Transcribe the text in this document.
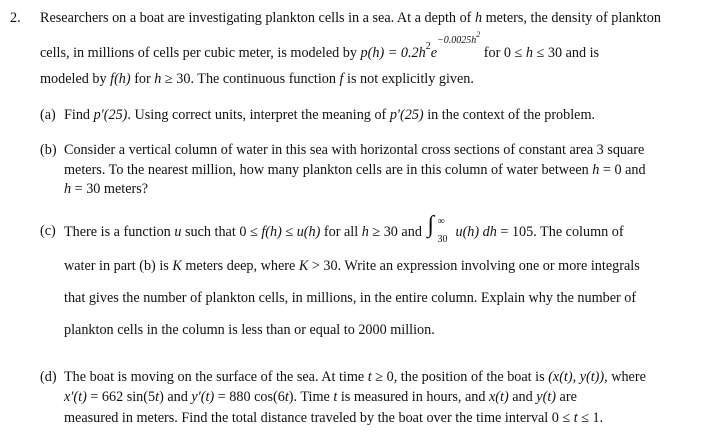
2. Researchers on a boat are investigating plankton cells in a sea. At a depth of h meters, the density of plankton
cells, in millions of cells per cubic meter, is modeled by $p(h) = 0.2h^2e^{-0.0025h^2}$ for 0 ≤ h ≤ 30 and is
modeled by f(h) for h ≥ 30. The continuous function f is not explicitly given.
(a) Find p′(25). Using correct units, interpret the meaning of p′(25) in the context of the problem.
(b) Consider a vertical column of water in this sea with horizontal cross sections of constant area 3 square
meters. To the nearest million, how many plankton cells are in this column of water between h = 0 and
h = 30 meters?
(c) There is a function u such that 0 ≤ f(h) ≤ u(h) for all h ≥ 30 and ∫ ∞
30 u(h) dh = 105. The column of
water in part (b) is K meters deep, where K > 30. Write an expression involving one or more integrals
that gives the number of plankton cells, in millions, in the entire column. Explain why the number of
plankton cells in the column is less than or equal to 2000 million.
(d) The boat is moving on the surface of the sea. At time t ≥ 0, the position of the boat is (x(t), y(t)), where
x′(t) = 662 sin(5t) and y′(t) = 880 cos(6t). Time t is measured in hours, and x(t) and y(t) are
measured in meters. Find the total distance traveled by the boat over the time interval 0 ≤ t ≤ 1.
